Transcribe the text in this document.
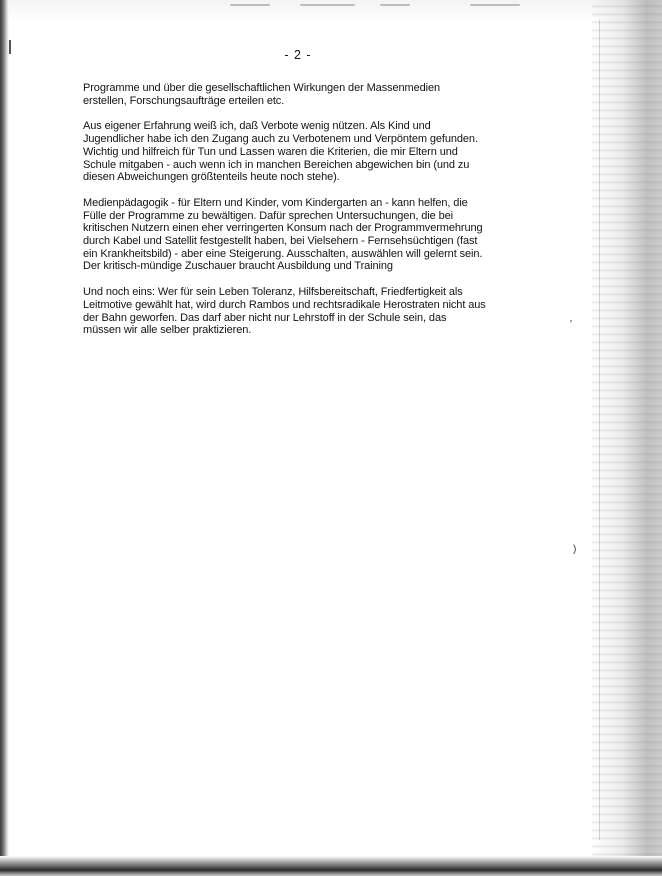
′
)
- 2 -

Programme und über die gesellschaftlichen Wirkungen der Massenmedien
erstellen, Forschungsaufträge erteilen etc.

Aus eigener Erfahrung weiß ich, daß Verbote wenig nützen. Als Kind und
Jugendlicher habe ich den Zugang auch zu Verbotenem und Verpöntem gefunden.
Wichtig und hilfreich für Tun und Lassen waren die Kriterien, die mir Eltern und
Schule mitgaben - auch wenn ich in manchen Bereichen abgewichen bin (und zu
diesen Abweichungen größtenteils heute noch stehe).

Medienpädagogik - für Eltern und Kinder, vom Kindergarten an - kann helfen, die
Fülle der Programme zu bewältigen. Dafür sprechen Untersuchungen, die bei
kritischen Nutzern einen eher verringerten Konsum nach der Programmvermehrung
durch Kabel und Satellit festgestellt haben, bei Vielsehern - Fernsehsüchtigen (fast
ein Krankheitsbild) - aber eine Steigerung. Ausschalten, auswählen will gelernt sein.
Der kritisch-mündige Zuschauer braucht Ausbildung und Training

Und noch eins: Wer für sein Leben Toleranz, Hilfsbereitschaft, Friedfertigkeit als
Leitmotive gewählt hat, wird durch Rambos und rechtsradikale Herostraten nicht aus
der Bahn geworfen. Das darf aber nicht nur Lehrstoff in der Schule sein, das
müssen wir alle selber praktizieren.
